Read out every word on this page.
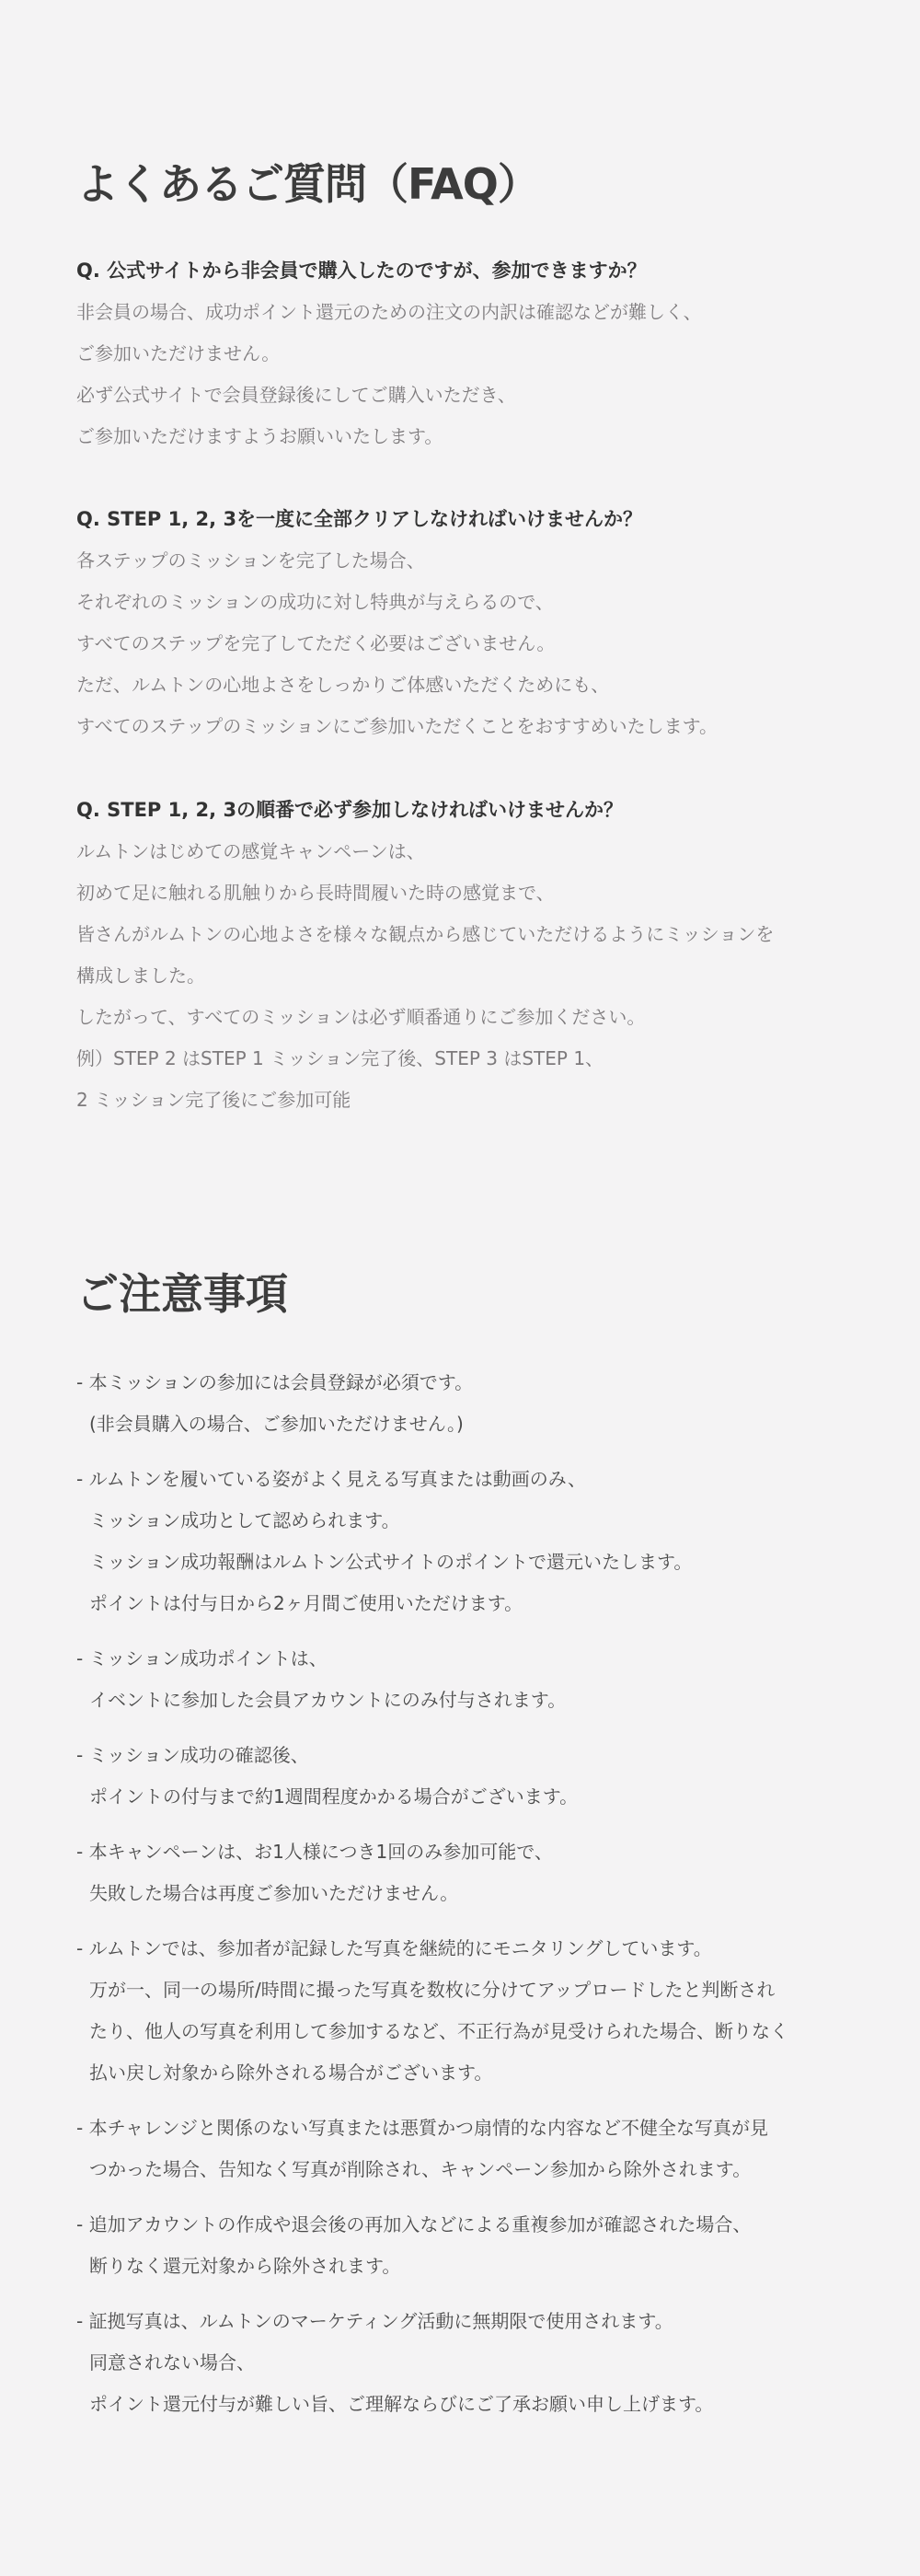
よくあるご質問（FAQ）

Q. 公式サイトから非会員で購入したのですが、参加できますか？

非会員の場合、成功ポイント還元のための注文の内訳は確認などが難しく、
ご参加いただけません。
必ず公式サイトで会員登録後にしてご購入いただき、
ご参加いただけますようお願いいたします。

Q. STEP 1, 2, 3を一度に全部クリアしなければいけませんか？

各ステップのミッションを完了した場合、
それぞれのミッションの成功に対し特典が与えらるので、
すべてのステップを完了してただく必要はございません。
ただ、ルムトンの心地よさをしっかりご体感いただくためにも、
すべてのステップのミッションにご参加いただくことをおすすめいたします。

Q. STEP 1, 2, 3の順番で必ず参加しなければいけませんか？

ルムトンはじめての感覚キャンペーンは、
初めて足に触れる肌触りから長時間履いた時の感覚まで、
皆さんがルムトンの心地よさを様々な観点から感じていただけるようにミッションを
構成しました。
したがって、すべてのミッションは必ず順番通りにご参加ください。
例）STEP 2 はSTEP 1 ミッション完了後、STEP 3 はSTEP 1、
2 ミッション完了後にご参加可能
ご注意事項
- 本ミッションの参加には会員登録が必須です。
(非会員購入の場合、ご参加いただけません。)
- ルムトンを履いている姿がよく見える写真または動画のみ、
ミッション成功として認められます。
ミッション成功報酬はルムトン公式サイトのポイントで還元いたします。
ポイントは付与日から2ヶ月間ご使用いただけます。
- ミッション成功ポイントは、
イベントに参加した会員アカウントにのみ付与されます。
- ミッション成功の確認後、
ポイントの付与まで約1週間程度かかる場合がございます。
- 本キャンペーンは、お1人様につき1回のみ参加可能で、
失敗した場合は再度ご参加いただけません。
- ルムトンでは、参加者が記録した写真を継続的にモニタリングしています。
万が一、同一の場所/時間に撮った写真を数枚に分けてアップロードしたと判断され
たり、他人の写真を利用して参加するなど、不正行為が見受けられた場合、断りなく
払い戻し対象から除外される場合がございます。
- 本チャレンジと関係のない写真または悪質かつ扇情的な内容など不健全な写真が見
つかった場合、告知なく写真が削除され、キャンペーン参加から除外されます。
- 追加アカウントの作成や退会後の再加入などによる重複参加が確認された場合、
断りなく還元対象から除外されます。
- 証拠写真は、ルムトンのマーケティング活動に無期限で使用されます。
同意されない場合、
ポイント還元付与が難しい旨、ご理解ならびにご了承お願い申し上げます。
